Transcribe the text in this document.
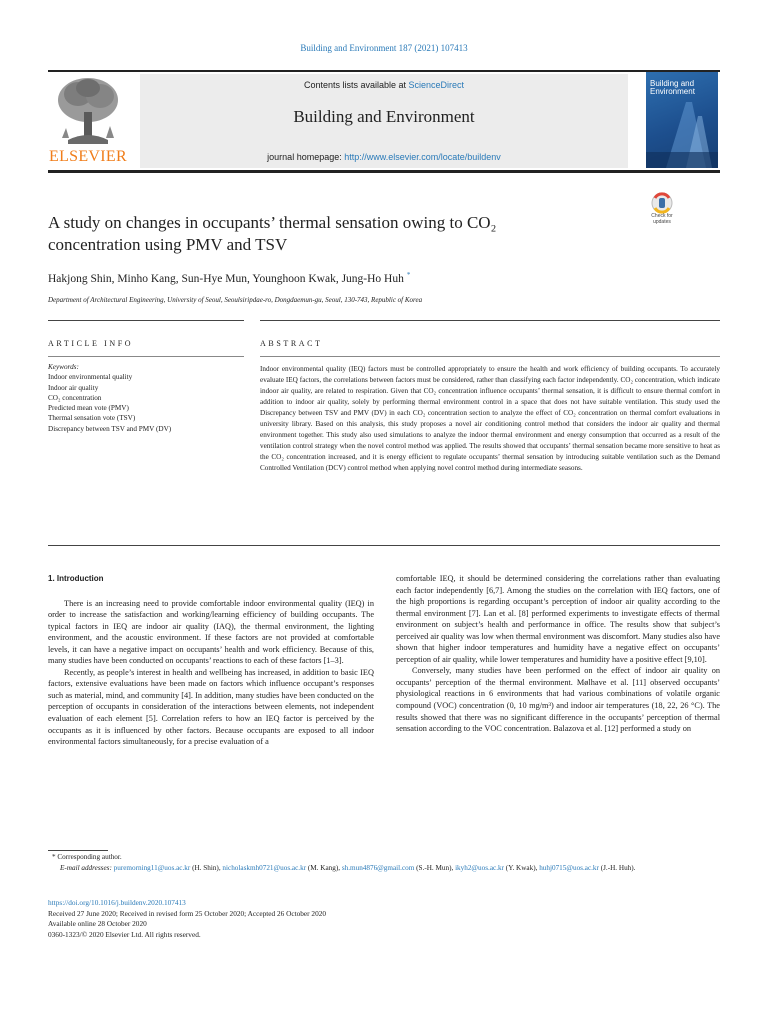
Building and Environment 187 (2021) 107413
ELSEVIER
Contents lists available at ScienceDirect
Building and Environment
journal homepage: http://www.elsevier.com/locate/buildenv
Building and
Environment
A study on changes in occupants’ thermal sensation owing to CO₂
concentration using PMV and TSV
Check for
updates
Hakjong Shin, Minho Kang, Sun-Hye Mun, Younghoon Kwak, Jung-Ho Huh *
Department of Architectural Engineering, University of Seoul, Seoulsiripdae-ro, Dongdaemun-gu, Seoul, 130-743, Republic of Korea
ARTICLE INFO	ABSTRACT
Keywords:
Indoor environmental quality
Indoor air quality
CO₂ concentration
Predicted mean vote (PMV)
Thermal sensation vote (TSV)
Discrepancy between TSV and PMV (DV)
Indoor environmental quality (IEQ) factors must be controlled appropriately to ensure the health and work efficiency of building occupants. To accurately evaluate IEQ factors, the correlations between factors must be considered, rather than classifying each factor independently. CO₂ concentration, which indicate indoor air quality, are related to respiration. Given that CO₂ concentration influence occupants’ thermal sensation, it is difficult to ensure thermal comfort in addition to indoor air quality, solely by performing thermal environment control in a space that does not have suitable ventilation. This study used the Discrepancy between TSV and PMV (DV) in each CO₂ concentration section to analyze the effect of CO₂ concentration on thermal comfort evaluations in university library. Based on this analysis, this study proposes a novel air conditioning control method that considers the indoor air quality and thermal environment together. This study also used simulations to analyze the indoor thermal environment and energy consumption that occurred as a result of the ventilation control strategy when the novel control method was applied. The results showed that occupants’ thermal sensation became more sensitive to heat as the CO₂ concentration increased, and it is energy efficient to regulate occupants’ thermal sensation by introducing suitable ventilation such as the Demand Controlled Ventilation (DCV) control method when applying novel control method during intermediate seasons.
1. Introduction

There is an increasing need to provide comfortable indoor environmental quality (IEQ) in order to increase the satisfaction and working/learning efficiency of building occupants. The typical factors in IEQ are indoor air quality (IAQ), the thermal environment, the lighting environment, and the acoustic environment. If these factors are not provided at comfortable levels, it can have a negative impact on occupants’ health and work efficiency. Because of this, many studies have been conducted on occupants’ reactions to each of these factors [1–3].

Recently, as people’s interest in health and wellbeing has increased, in addition to basic IEQ factors, extensive evaluations have been made on factors which influence occupant’s responses such as material, mind, and community [4]. In addition, many studies have been conducted on the perception of occupants in consideration of the interactions between elements, not independent evaluation of each element [5]. Correlation refers to how an IEQ factor is perceived by the occupants as it is influenced by other factors. Because occupants are exposed to all indoor environmental factors simultaneously, for a precise evaluation of a

comfortable IEQ, it should be determined considering the correlations rather than evaluating each factor independently [6,7]. Among the studies on the correlation with IEQ factors, one of the high proportions is regarding occupant’s perception of indoor air quality according to the thermal environment [7]. Lan et al. [8] performed experiments to investigate effects of thermal environment on subject’s health and performance in office. The results show that subject’s perceived air quality was low when thermal environment was discomfort. Many studies also have shown that higher indoor temperatures and humidity have a negative effect on occupants’ perception of air quality, while lower temperatures and humidity have a positive effect [9,10].

Conversely, many studies have been performed on the effect of indoor air quality on occupants’ perception of the thermal environment. Mølhave et al. [11] observed occupants’ physiological reactions in 6 environments that had various combinations of volatile organic compound (VOC) concentration (0, 10 mg/m³) and indoor air temperatures (18, 22, 26 °C). The results showed that there was no significant difference in the occupants’ perception of thermal sensation according to the VOC concentration. Balazova et al. [12] performed a study on

* Corresponding author.
E-mail addresses: puremorning11@uos.ac.kr (H. Shin), nicholaskmh0721@uos.ac.kr (M. Kang), sh.mun4876@gmail.com (S.-H. Mun), ikyh2@uos.ac.kr (Y. Kwak), huhj0715@uos.ac.kr (J.-H. Huh).
https://doi.org/10.1016/j.buildenv.2020.107413
Received 27 June 2020; Received in revised form 25 October 2020; Accepted 26 October 2020
Available online 28 October 2020
0360-1323/© 2020 Elsevier Ltd. All rights reserved.
